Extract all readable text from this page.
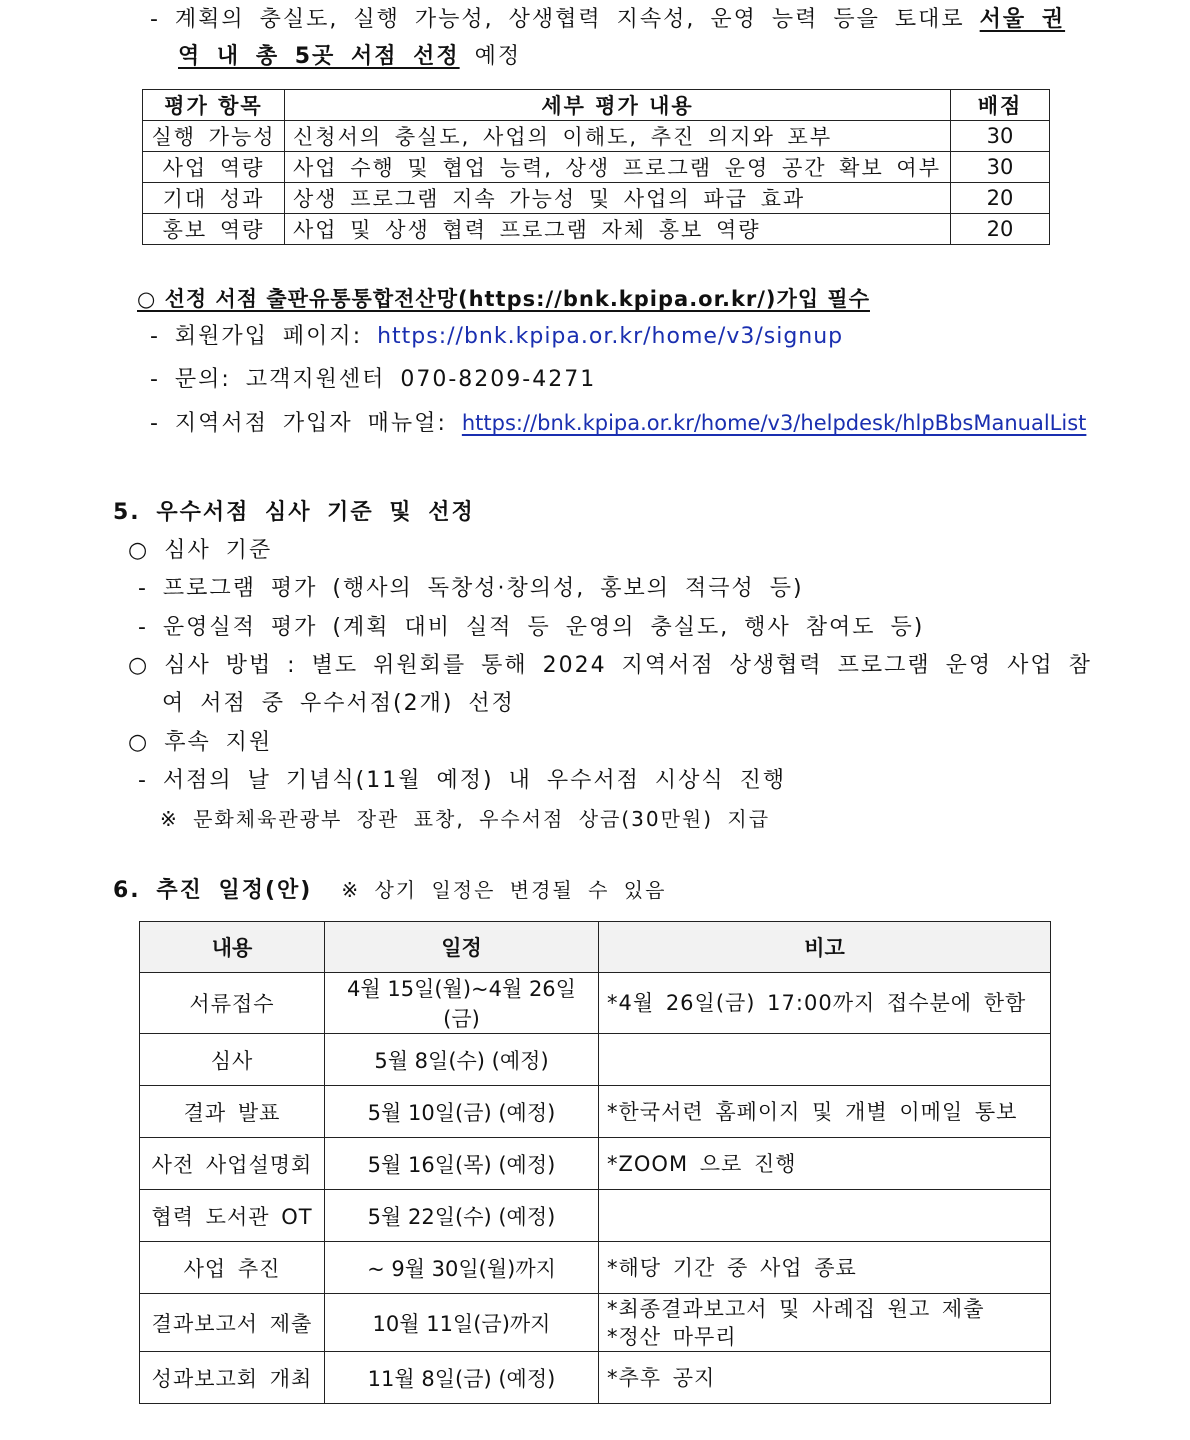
- 계획의 충실도, 실행 가능성, 상생협력 지속성, 운영 능력 등을 토대로 서울 권
역 내 총 5곳 서점 선정 예정
평가 항목	세부 평가 내용	배점
실행 가능성	신청서의 충실도, 사업의 이해도, 추진 의지와 포부	30
사업 역량	사업 수행 및 협업 능력, 상생 프로그램 운영 공간 확보 여부	30
기대 성과	상생 프로그램 지속 가능성 및 사업의 파급 효과	20
홍보 역량	사업 및 상생 협력 프로그램 자체 홍보 역량	20
○ 선정 서점 출판유통통합전산망(https://bnk.kpipa.or.kr/)가입 필수
- 회원가입 페이지: https://bnk.kpipa.or.kr/home/v3/signup
- 문의: 고객지원센터 070-8209-4271
- 지역서점 가입자 매뉴얼: https://bnk.kpipa.or.kr/home/v3/helpdesk/hlpBbsManualList
5. 우수서점 심사 기준 및 선정
○ 심사 기준
- 프로그램 평가 (행사의 독창성·창의성, 홍보의 적극성 등)
- 운영실적 평가 (계획 대비 실적 등 운영의 충실도, 행사 참여도 등)
○ 심사 방법 : 별도 위원회를 통해 2024 지역서점 상생협력 프로그램 운영 사업 참
여 서점 중 우수서점(2개) 선정
○ 후속 지원
- 서점의 날 기념식(11월 예정) 내 우수서점 시상식 진행
※ 문화체육관광부 장관 표창, 우수서점 상금(30만원) 지급
6. 추진 일정(안) ※ 상기 일정은 변경될 수 있음
내용	일정	비고
서류접수	4월 15일(월)~4월 26일(금)	*4월 26일(금) 17:00까지 접수분에 한함

심사	5월 8일(수) (예정)	

결과 발표	5월 10일(금) (예정)	*한국서련 홈페이지 및 개별 이메일 통보

사전 사업설명회	5월 16일(목) (예정)	*ZOOM 으로 진행

협력 도서관 OT	5월 22일(수) (예정)	

사업 추진	~ 9월 30일(월)까지	*해당 기간 중 사업 종료

결과보고서 제출	10월 11일(금)까지	*최종결과보고서 및 사례집 원고 제출
*정산 마무리

성과보고회 개최	11월 8일(금) (예정)	*추후 공지
